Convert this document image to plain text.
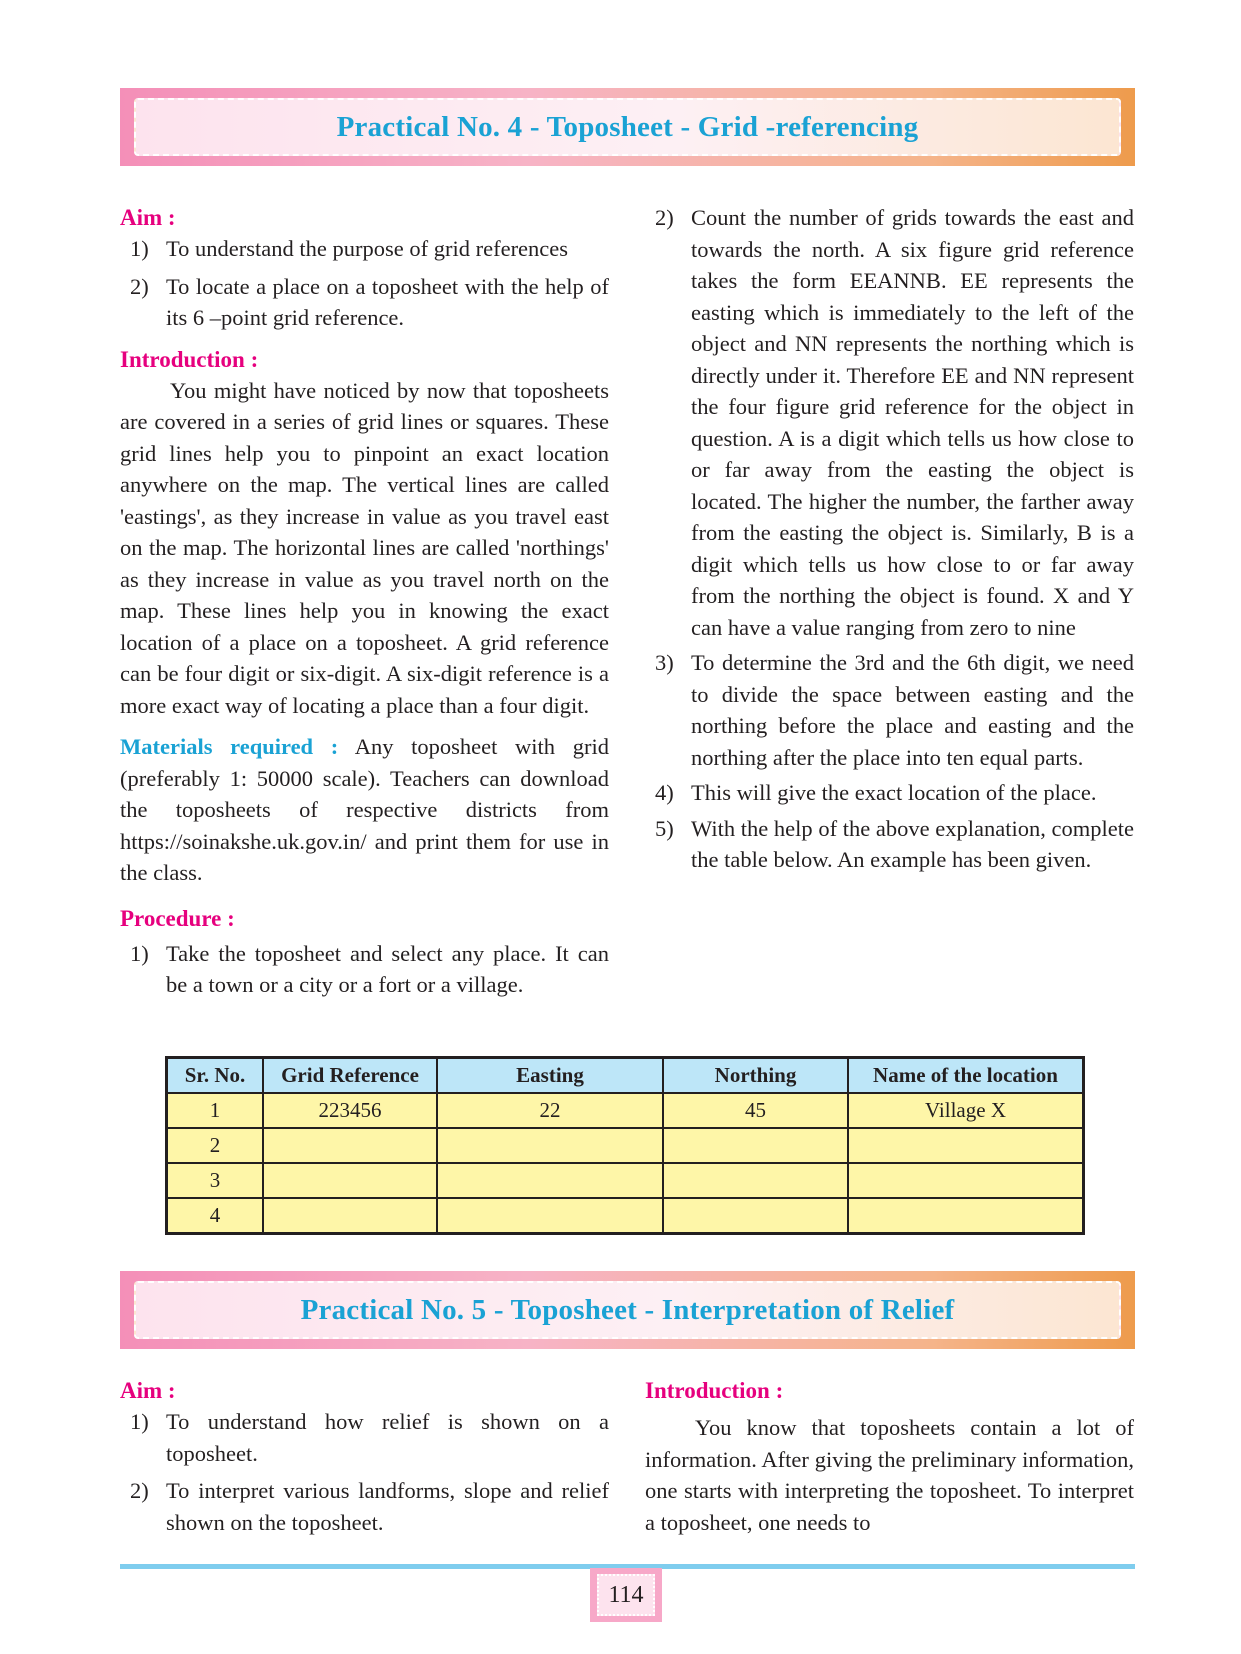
Practical No. 4 - Toposheet - Grid -referencing

Aim :

1) To understand the purpose of grid references
2) To locate a place on a toposheet with the help of its 6 –point grid reference.

Introduction :

You might have noticed by now that toposheets are covered in a series of grid lines or squares. These grid lines help you to pinpoint an exact location anywhere on the map. The vertical lines are called 'eastings', as they increase in value as you travel east on the map. The horizontal lines are called 'northings' as they increase in value as you travel north on the map. These lines help you in knowing the exact location of a place on a toposheet. A grid reference can be four digit or six-digit. A six-digit reference is a more exact way of locating a place than a four digit.

Materials required : Any toposheet with grid (preferably 1: 50000 scale). Teachers can download the toposheets of respective districts from https://soinakshe.uk.gov.in/ and print them for use in the class.

Procedure :

1) Take the toposheet and select any place. It can be a town or a city or a fort or a village.
2) Count the number of grids towards the east and towards the north. A six figure grid reference takes the form EEANNB. EE represents the easting which is immediately to the left of the object and NN represents the northing which is directly under it. Therefore EE and NN represent the four figure grid reference for the object in question. A is a digit which tells us how close to or far away from the easting the object is located. The higher the number, the farther away from the easting the object is. Similarly, B is a digit which tells us how close to or far away from the northing the object is found. X and Y can have a value ranging from zero to nine
3) To determine the 3rd and the 6th digit, we need to divide the space between easting and the northing before the place and easting and the northing after the place into ten equal parts.
4) This will give the exact location of the place.
5) With the help of the above explanation, complete the table below. An example has been given.
Sr. No.	Grid Reference	Easting	Northing	Name of the location
1	223456	22	45	Village X
2				
3				
4				
Practical No. 5 - Toposheet - Interpretation of Relief

Aim :

1) To understand how relief is shown on a toposheet.
2) To interpret various landforms, slope and relief shown on the toposheet.

Introduction :

You know that toposheets contain a lot of information. After giving the preliminary information, one starts with interpreting the toposheet. To interpret a toposheet, one needs to

114
